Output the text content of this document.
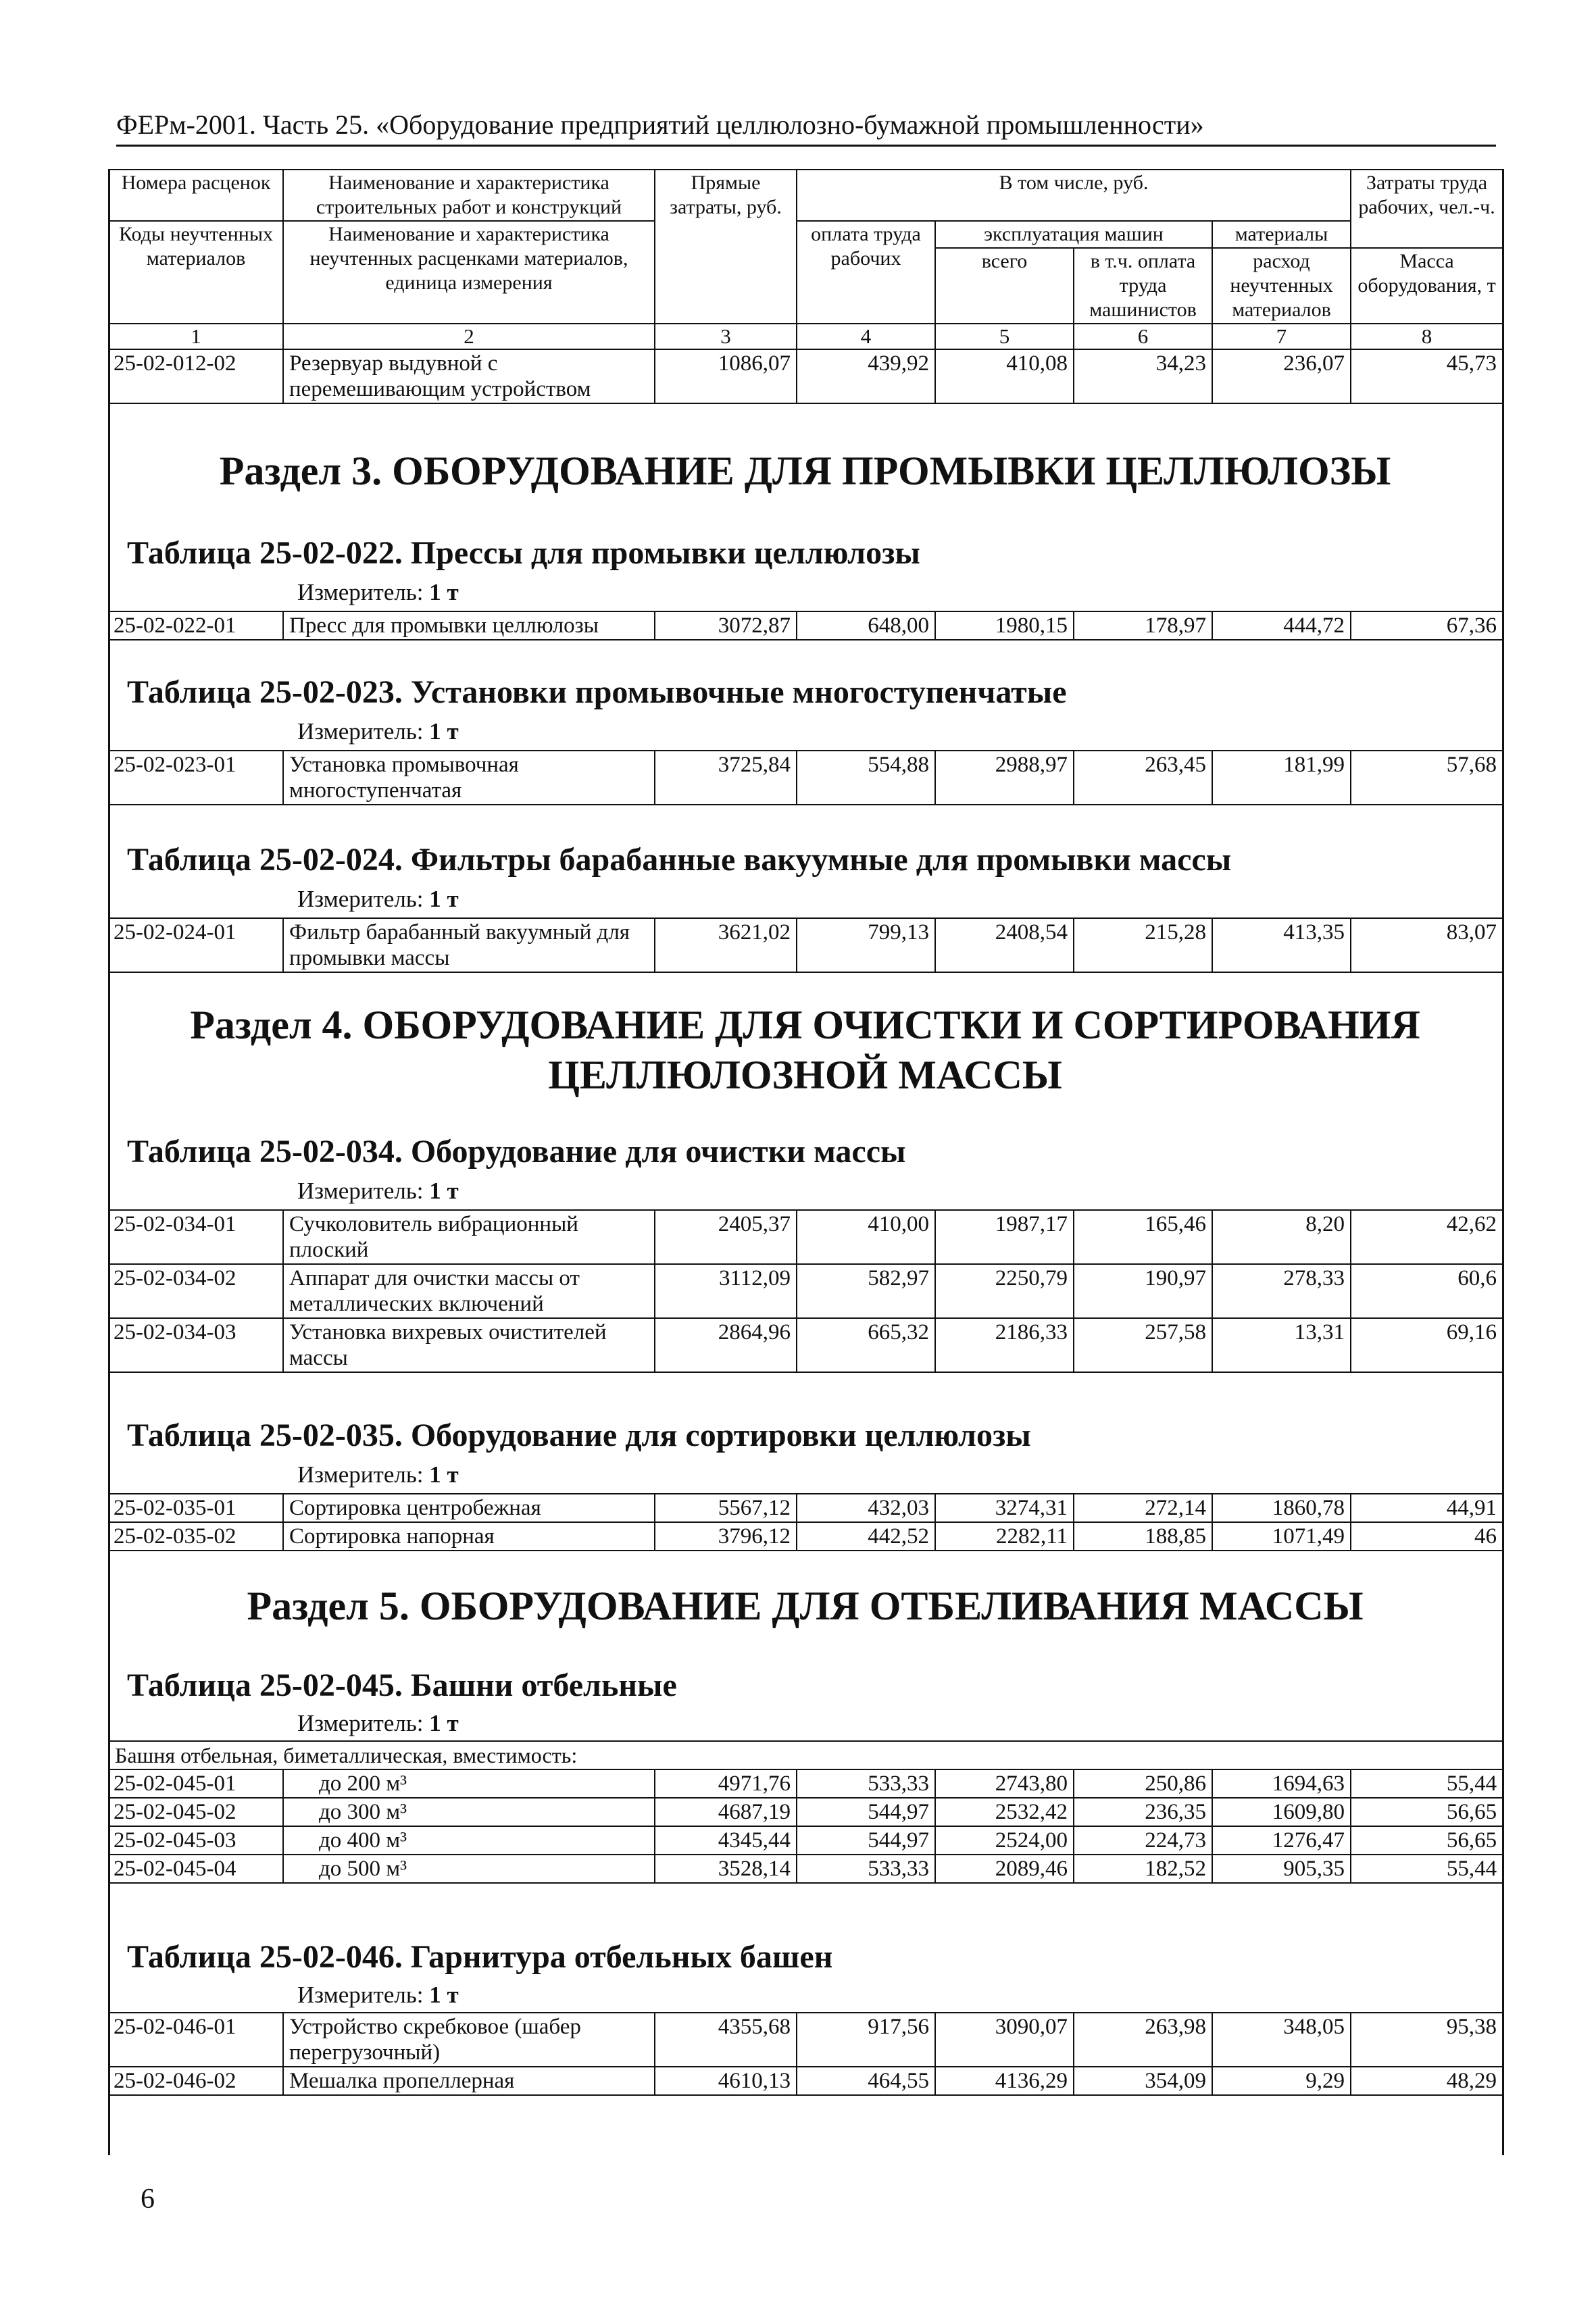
ФЕРм-2001. Часть 25. «Оборудование предприятий целлюлозно-бумажной промышленности»
Номера расценок	Наименование и характеристика строительных работ и конструкций	Прямые затраты, руб.	В том числе, руб.				Затраты труда рабочих, чел.-ч.
Коды неучтенных материалов	Наименование и характеристика неучтенных расценками материалов, единица измерения		оплата труда рабочих	эксплуатация машин		материалы	
				всего	в т.ч. оплата труда машинистов	расход неучтенных материалов	Масса оборудования, т
1	2	3	4	5	6	7	8
25-02-012-02	Резервуар выдувной с перемешивающим устройством	1086,07	439,92	410,08	34,23	236,07	45,73
Раздел 3. ОБОРУДОВАНИЕ ДЛЯ ПРОМЫВКИ ЦЕЛЛЮЛОЗЫ
Таблица 25-02-022. Прессы для промывки целлюлозы
Измеритель: 1 т
25-02-022-01	Пресс для промывки целлюлозы	3072,87	648,00	1980,15	178,97	444,72	67,36
Таблица 25-02-023. Установки промывочные многоступенчатые
Измеритель: 1 т
25-02-023-01	Установка промывочная многоступенчатая	3725,84	554,88	2988,97	263,45	181,99	57,68
Таблица 25-02-024. Фильтры барабанные вакуумные для промывки массы
Измеритель: 1 т
25-02-024-01	Фильтр барабанный вакуумный для промывки массы	3621,02	799,13	2408,54	215,28	413,35	83,07
Раздел 4. ОБОРУДОВАНИЕ ДЛЯ ОЧИСТКИ И СОРТИРОВАНИЯ
ЦЕЛЛЮЛОЗНОЙ МАССЫ
Таблица 25-02-034. Оборудование для очистки массы
Измеритель: 1 т
25-02-034-01	Сучколовитель вибрационный плоский	2405,37	410,00	1987,17	165,46	8,20	42,62
25-02-034-02	Аппарат для очистки массы от металлических включений	3112,09	582,97	2250,79	190,97	278,33	60,6
25-02-034-03	Установка вихревых очистителей массы	2864,96	665,32	2186,33	257,58	13,31	69,16
Таблица 25-02-035. Оборудование для сортировки целлюлозы
Измеритель: 1 т
25-02-035-01	Сортировка центробежная	5567,12	432,03	3274,31	272,14	1860,78	44,91
25-02-035-02	Сортировка напорная	3796,12	442,52	2282,11	188,85	1071,49	46
Раздел 5. ОБОРУДОВАНИЕ ДЛЯ ОТБЕЛИВАНИЯ МАССЫ
Таблица 25-02-045. Башни отбельные
Измеритель: 1 т
Башня отбельная, биметаллическая, вместимость:							
25-02-045-01	до 200 м³	4971,76	533,33	2743,80	250,86	1694,63	55,44
25-02-045-02	до 300 м³	4687,19	544,97	2532,42	236,35	1609,80	56,65
25-02-045-03	до 400 м³	4345,44	544,97	2524,00	224,73	1276,47	56,65
25-02-045-04	до 500 м³	3528,14	533,33	2089,46	182,52	905,35	55,44
Таблица 25-02-046. Гарнитура отбельных башен
Измеритель: 1 т
25-02-046-01	Устройство скребковое (шабер перегрузочный)	4355,68	917,56	3090,07	263,98	348,05	95,38
25-02-046-02	Мешалка пропеллерная	4610,13	464,55	4136,29	354,09	9,29	48,29
6
